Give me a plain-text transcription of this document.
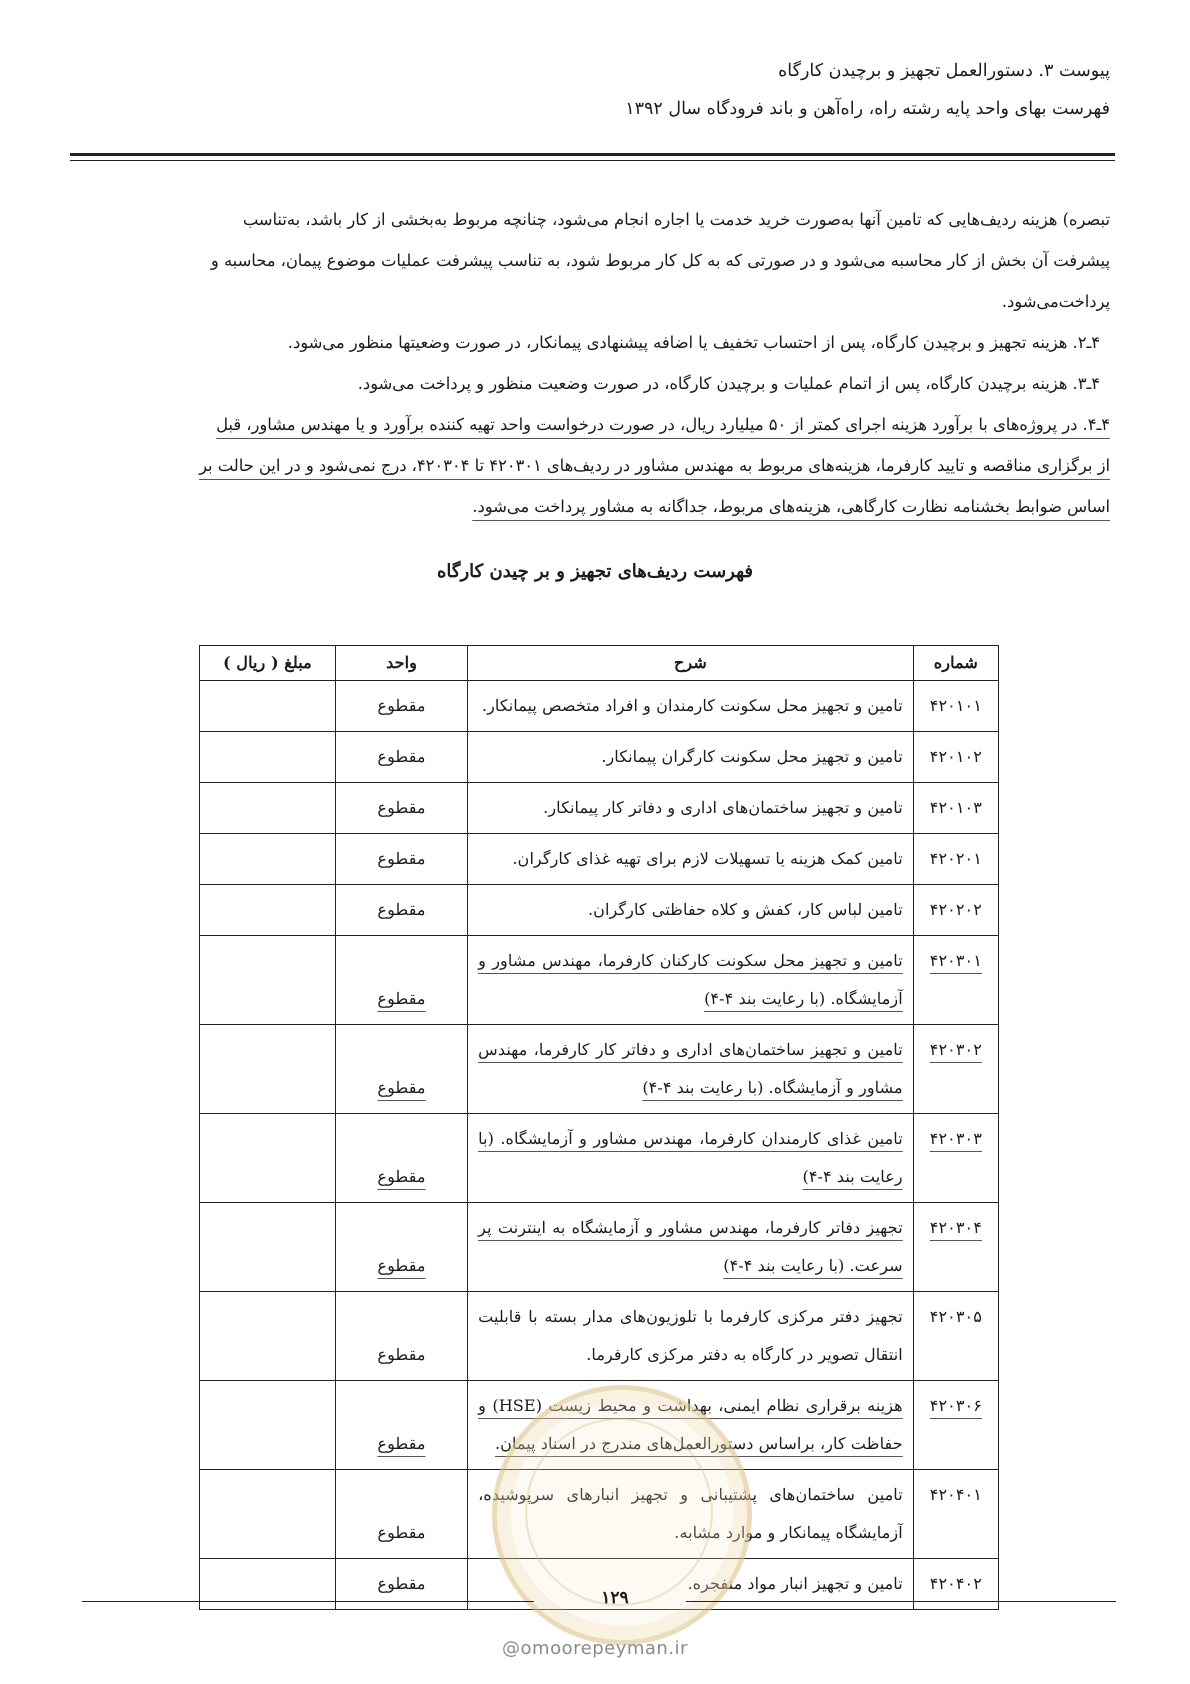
پیوست ۳. دستورالعمل تجهیز و برچیدن کارگاه
فهرست بهای واحد پایه رشته راه، راه‌آهن و باند فرودگاه سال ۱۳۹۲

تبصره) هزینه ردیف‌هایی که تامین آنها به‌صورت خرید خدمت یا اجاره انجام می‌شود، چنانچه مربوط به‌بخشی از کار باشد، به‌تناسب

پیشرفت آن بخش از کار محاسبه می‌شود و در صورتی که به کل کار مربوط شود، به تناسب پیشرفت عملیات موضوع پیمان، محاسبه و

پرداخت‌می‌شود.

۴ـ۲. هزینه تجهیز و برچیدن کارگاه، پس از احتساب تخفیف یا اضافه پیشنهادی پیمانکار، در صورت وضعیتها منظور می‌شود.

۴ـ۳. هزینه برچیدن کارگاه، پس از اتمام عملیات و برچیدن کارگاه، در صورت وضعیت منظور و پرداخت می‌شود.

۴ـ۴. در پروژه‌های با برآورد هزینه اجرای کمتر از ۵۰ میلیارد ریال، در صورت درخواست واحد تهیه کننده برآورد و یا مهندس مشاور، قبل

از برگزاری مناقصه و تایید کارفرما، هزینه‌های مربوط به مهندس مشاور در ردیف‌های ۴۲۰۳۰۱ تا ۴۲۰۳۰۴، درج نمی‌شود و در این حالت بر

اساس ضوابط بخشنامه نظارت کارگاهی، هزینه‌های مربوط، جداگانه به مشاور پرداخت می‌شود.

فهرست ردیف‌های تجهیز و بر چیدن کارگاه
شماره	شرح	واحد	مبلغ ( ریال )
۴۲۰۱۰۱	تامین و تجهیز محل سکونت کارمندان و افراد متخصص پیمانکار.	مقطوع	
۴۲۰۱۰۲	تامین و تجهیز محل سکونت کارگران پیمانکار.	مقطوع	
۴۲۰۱۰۳	تامین و تجهیز ساختمان‌های اداری و دفاتر کار پیمانکار.	مقطوع	
۴۲۰۲۰۱	تامین کمک هزینه یا تسهیلات لازم برای تهیه غذای کارگران.	مقطوع	
۴۲۰۲۰۲	تامین لباس کار، کفش و کلاه حفاظتی کارگران.	مقطوع	
۴۲۰۳۰۱	تامین و تجهیز محل سکونت کارکنان کارفرما، مهندس مشاور و آزمایشگاه. (با رعایت بند ۴-۴)	مقطوع	
۴۲۰۳۰۲	تامین و تجهیز ساختمان‌های اداری و دفاتر کار کارفرما، مهندس مشاور و آزمایشگاه. (با رعایت بند ۴-۴)	مقطوع	
۴۲۰۳۰۳	تامین غذای کارمندان کارفرما، مهندس مشاور و آزمایشگاه. (با رعایت بند ۴-۴)	مقطوع	
۴۲۰۳۰۴	تجهیز دفاتر کارفرما، مهندس مشاور و آزمایشگاه به اینترنت پر سرعت. (با رعایت بند ۴-۴)	مقطوع	
۴۲۰۳۰۵	تجهیز دفتر مرکزی کارفرما با تلوزیون‌های مدار بسته با قابلیت انتقال تصویر در کارگاه به دفتر مرکزی کارفرما.	مقطوع	
۴۲۰۳۰۶	هزینه برقراری نظام ایمنی، بهداشت و محیط زیست (HSE) و حفاظت کار، براساس دستورالعمل‌های مندرج در اسناد پیمان.	مقطوع	
۴۲۰۴۰۱	تامین ساختمان‌های پشتیبانی و تجهیز انبارهای سرپوشیده، آزمایشگاه پیمانکار و موارد مشابه.	مقطوع	
۴۲۰۴۰۲	تامین و تجهیز انبار مواد منفجره.	مقطوع	
۱۲۹
@omoorepeyman.ir
